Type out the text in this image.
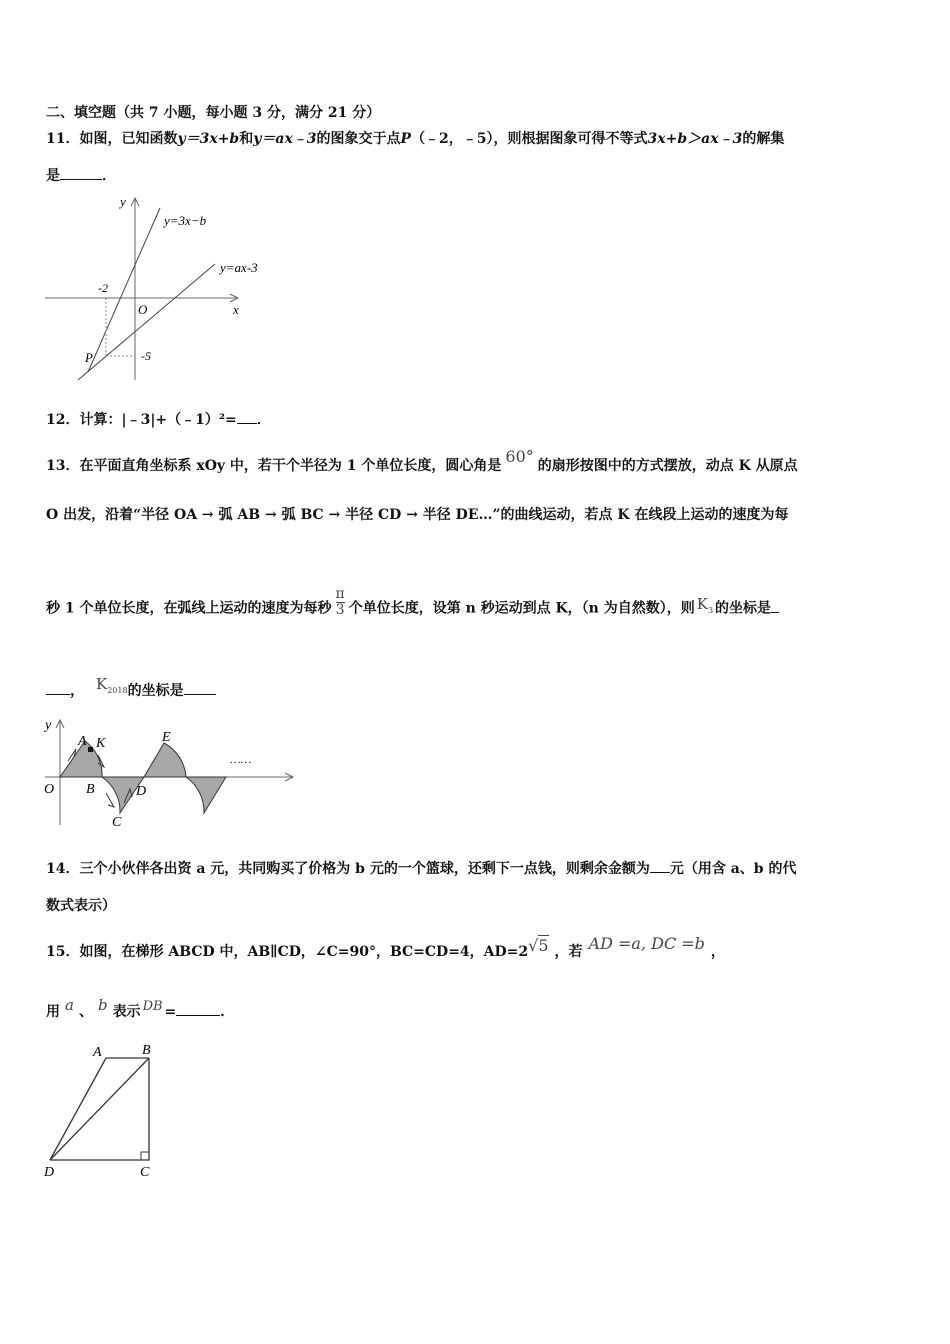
二、填空题（共 7 小题，每小题 3 分，满分 21 分）
11．如图，已知函数y＝3x+b和y＝ax﹣3的图象交于点P（﹣2，﹣5），则根据图象可得不等式3x+b＞ax﹣3的解集
是	．
y
x
O
y=3x−b
y=ax-3
-2
-5
P
12．计算：|﹣3|+（﹣1）²= ．
13．在平面直角坐标系 xOy 中，若干个半径为 1 个单位长度，圆心角是 60° 的扇形按图中的方式摆放，动点 K 从原点
O 出发，沿着“半径 OA → 弧 AB → 弧 BC → 半径 CD → 半径 DE…”的曲线运动，若点 K 在线段上运动的速度为每
秒 1 个单位长度，在弧线上运动的速度为每秒 $\frac{\pi}{3}$ 个单位长度，设第 n 秒运动到点 K，（n 为自然数），则 $K_3$ 的坐标是
， $K_{2018}$的坐标是
y
O
A K
B
C
D
E
……
14．三个小伙伴各出资 a 元，共同购买了价格为 b 元的一个篮球，还剩下一点钱，则剩余金额为 元（用含 a、b 的代
数式表示）
15．如图，在梯形 ABCD 中，AB∥CD，∠C=90°，BC=CD=4，AD=2√5 ，若 AD =a, DC =b ，
用 a 、 b 表示 DB =	．
A	B
C
D
